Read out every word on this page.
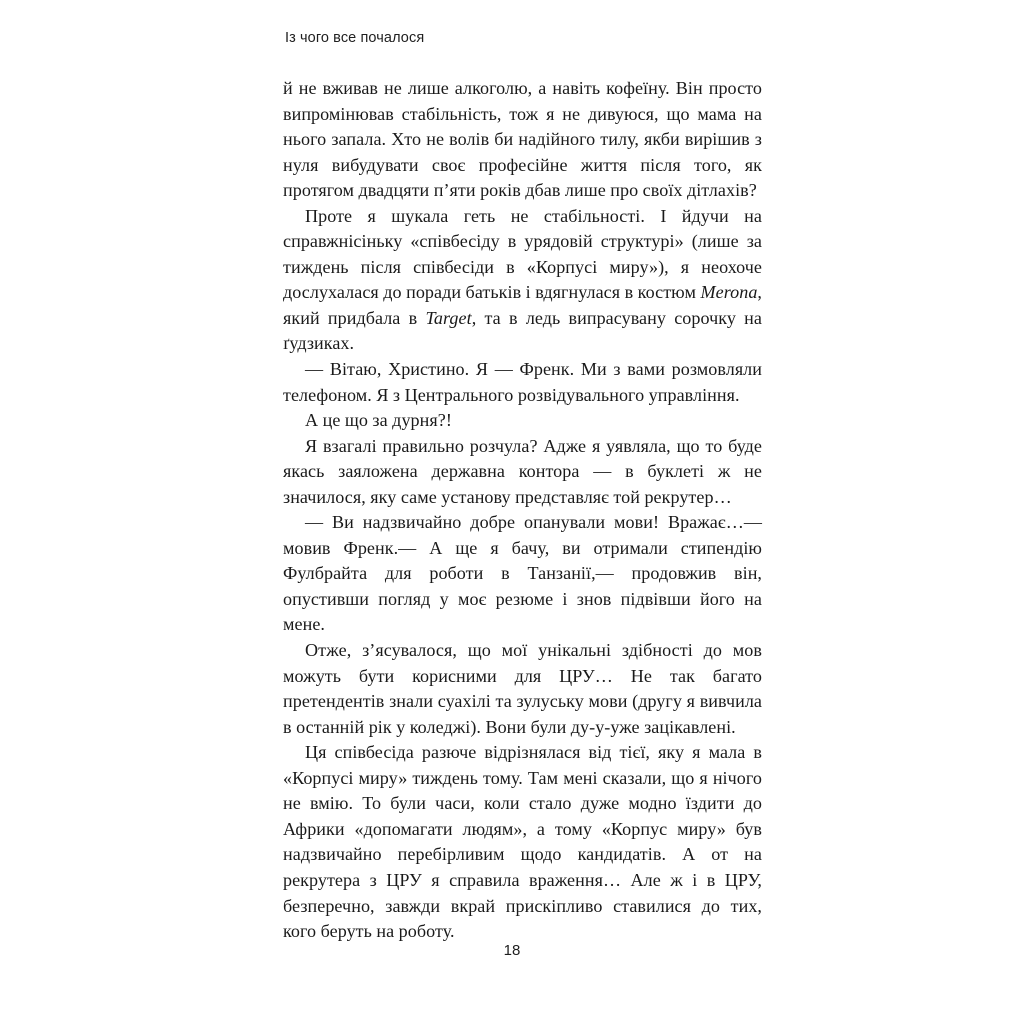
Із чого все почалося

й не вживав не лише алкоголю, а навіть кофеїну. Він просто випромінював стабільність, тож я не дивуюся, що мама на нього запала. Хто не волів би надійного тилу, якби вирішив з нуля вибудувати своє професійне життя після того, як протягом двадцяти п’яти років дбав лише про своїх дітлахів?

Проте я шукала геть не стабільності. І йдучи на справжнісіньку «співбесіду в урядовій структурі» (лише за тиждень після співбесіди в «Корпусі миру»), я неохоче дослухалася до поради батьків і вдягнулася в костюм Merona, який придбала в Target, та в ледь випрасувану сорочку на ґудзиках.

— Вітаю, Христино. Я — Френк. Ми з вами розмовляли телефоном. Я з Центрального розвідувального управління.

А це що за дурня?!

Я взагалі правильно розчула? Адже я уявляла, що то буде якась заяложена державна контора — в буклеті ж не значилося, яку саме установу представляє той рекрутер…

— Ви надзвичайно добре опанували мови! Вражає…— мовив Френк.— А ще я бачу, ви отримали стипендію Фулбрайта для роботи в Танзанії,— продовжив він, опустивши погляд у моє резюме і знов підвівши його на мене.

Отже, з’ясувалося, що мої унікальні здібності до мов можуть бути корисними для ЦРУ… Не так багато претендентів знали суахілі та зулуську мови (другу я вивчила в останній рік у коледжі). Вони були ду-у-уже зацікавлені.

Ця співбесіда разюче відрізнялася від тієї, яку я мала в «Корпусі миру» тиждень тому. Там мені сказали, що я нічого не вмію. То були часи, коли стало дуже модно їздити до Африки «допомагати людям», а тому «Корпус миру» був надзвичайно перебірливим щодо кандидатів. А от на рекрутера з ЦРУ я справила враження… Але ж і в ЦРУ, безперечно, завжди вкрай прискіпливо ставилися до тих, кого беруть на роботу.

18
